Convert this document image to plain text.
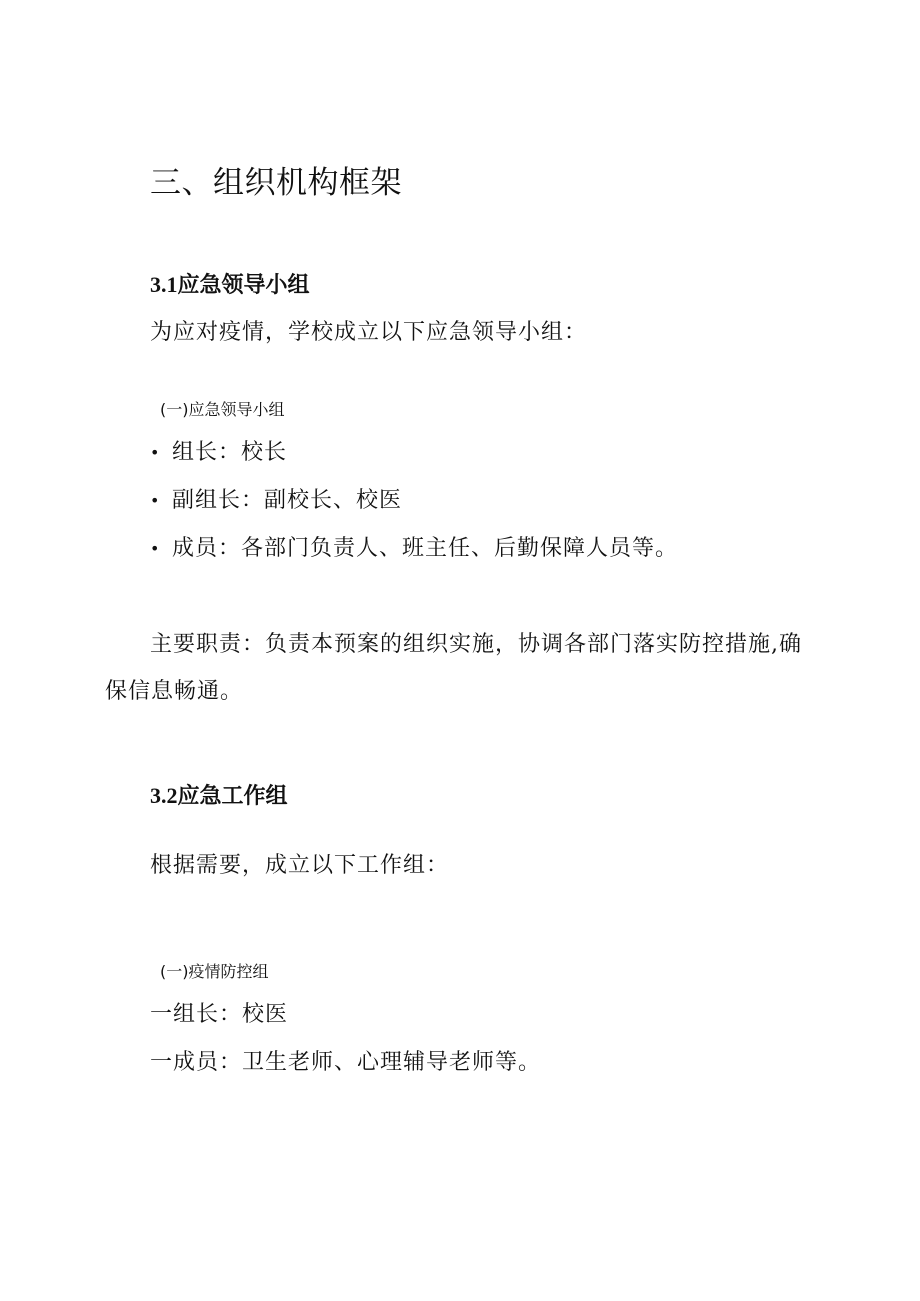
三、组织机构框架
3.1应急领导小组

为应对疫情，学校成立以下应急领导小组：

(一)应急领导小组

• 组长：校长
• 副组长：副校长、校医
• 成员：各部门负责人、班主任、后勤保障人员等。

主要职责：负责本预案的组织实施，协调各部门落实防控措施,确保信息畅通。

3.2应急工作组

根据需要，成立以下工作组：

(一)疫情防控组

一组长：校医

一成员：卫生老师、心理辅导老师等。
